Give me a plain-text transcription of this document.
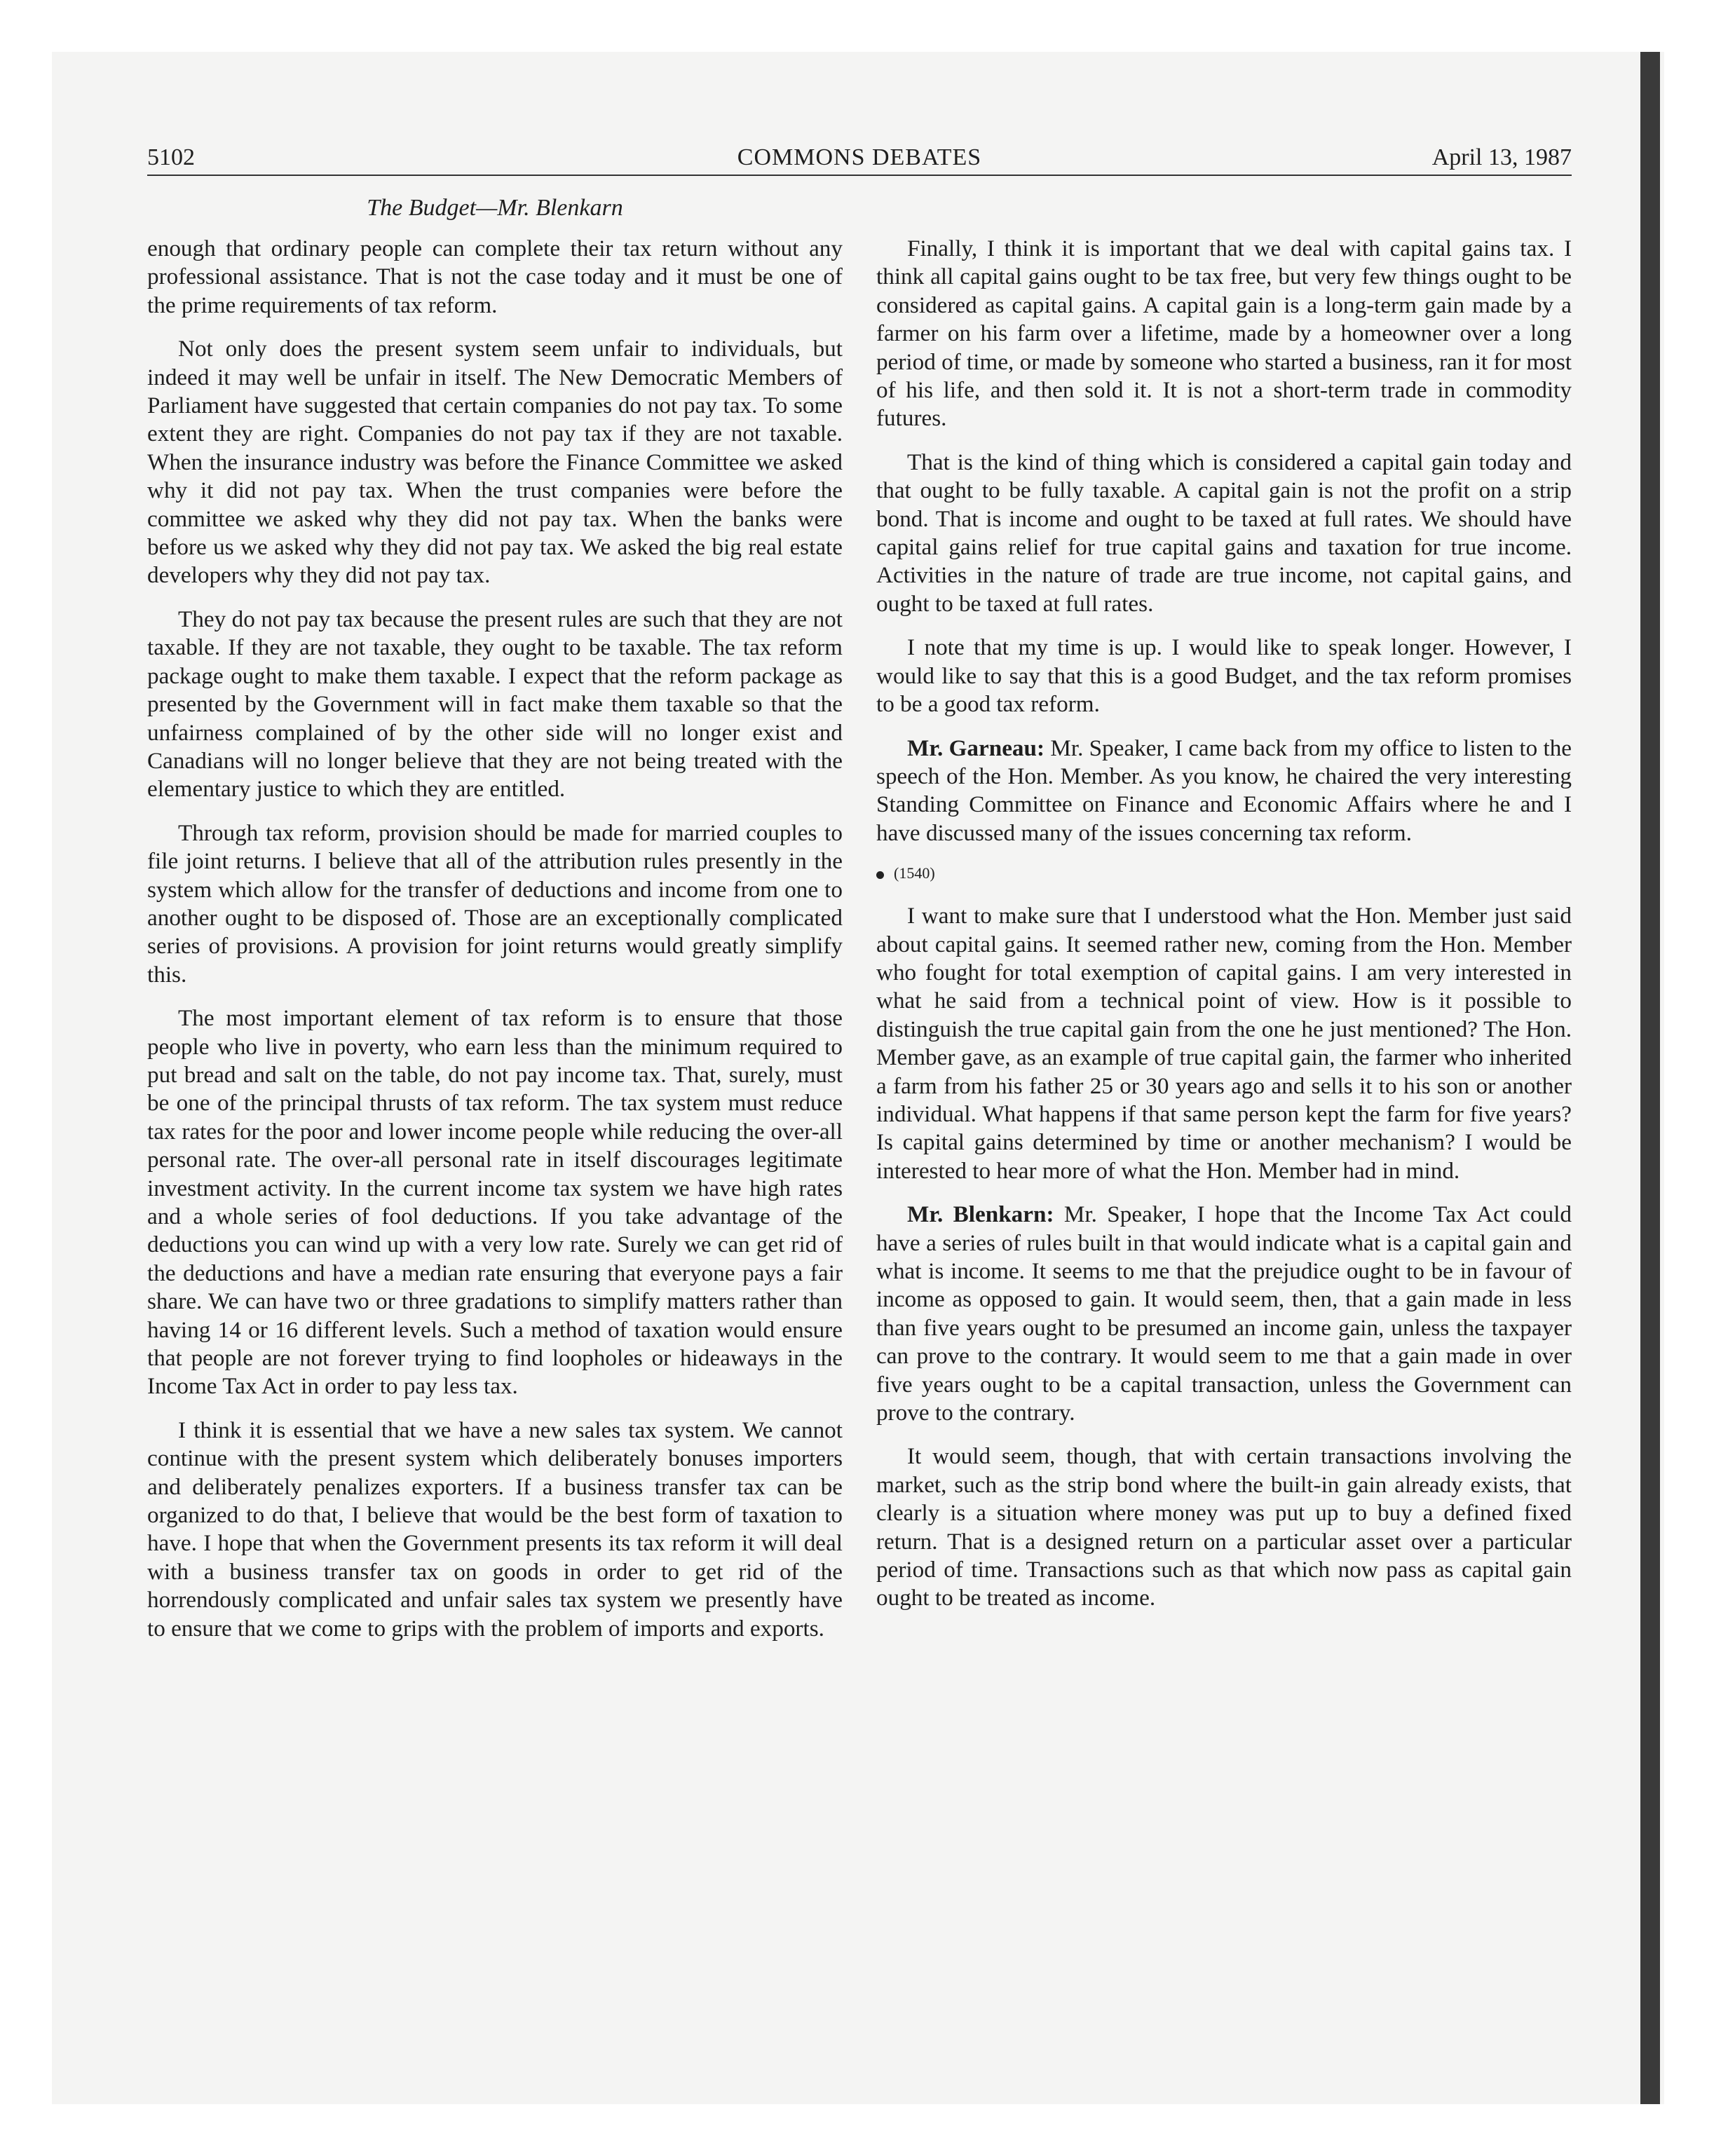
5102	COMMONS DEBATES	April 13, 1987
The Budget—Mr. Blenkarn

enough that ordinary people can complete their tax return without any professional assistance. That is not the case today and it must be one of the prime requirements of tax reform.

Not only does the present system seem unfair to individuals, but indeed it may well be unfair in itself. The New Democratic Members of Parliament have suggested that certain companies do not pay tax. To some extent they are right. Companies do not pay tax if they are not taxable. When the insurance industry was before the Finance Committee we asked why it did not pay tax. When the trust companies were before the committee we asked why they did not pay tax. When the banks were before us we asked why they did not pay tax. We asked the big real estate developers why they did not pay tax.

They do not pay tax because the present rules are such that they are not taxable. If they are not taxable, they ought to be taxable. The tax reform package ought to make them taxable. I expect that the reform package as presented by the Government will in fact make them taxable so that the unfairness complained of by the other side will no longer exist and Canadians will no longer believe that they are not being treated with the elementary justice to which they are entitled.

Through tax reform, provision should be made for married couples to file joint returns. I believe that all of the attribution rules presently in the system which allow for the transfer of deductions and income from one to another ought to be disposed of. Those are an exceptionally complicated series of provisions. A provision for joint returns would greatly simplify this.

The most important element of tax reform is to ensure that those people who live in poverty, who earn less than the minimum required to put bread and salt on the table, do not pay income tax. That, surely, must be one of the principal thrusts of tax reform. The tax system must reduce tax rates for the poor and lower income people while reducing the over-all personal rate. The over-all personal rate in itself discourages legitimate investment activity. In the current income tax system we have high rates and a whole series of fool deductions. If you take advantage of the deductions you can wind up with a very low rate. Surely we can get rid of the deductions and have a median rate ensuring that everyone pays a fair share. We can have two or three gradations to simplify matters rather than having 14 or 16 different levels. Such a method of taxation would ensure that people are not forever trying to find loopholes or hideaways in the Income Tax Act in order to pay less tax.

I think it is essential that we have a new sales tax system. We cannot continue with the present system which deliberately bonuses importers and deliberately penalizes exporters. If a business transfer tax can be organized to do that, I believe that would be the best form of taxation to have. I hope that when the Government presents its tax reform it will deal with a business transfer tax on goods in order to get rid of the horrendously complicated and unfair sales tax system we presently have to ensure that we come to grips with the problem of imports and exports.

Finally, I think it is important that we deal with capital gains tax. I think all capital gains ought to be tax free, but very few things ought to be considered as capital gains. A capital gain is a long-term gain made by a farmer on his farm over a lifetime, made by a homeowner over a long period of time, or made by someone who started a business, ran it for most of his life, and then sold it. It is not a short-term trade in commodity futures.

That is the kind of thing which is considered a capital gain today and that ought to be fully taxable. A capital gain is not the profit on a strip bond. That is income and ought to be taxed at full rates. We should have capital gains relief for true capital gains and taxation for true income. Activities in the nature of trade are true income, not capital gains, and ought to be taxed at full rates.

I note that my time is up. I would like to speak longer. However, I would like to say that this is a good Budget, and the tax reform promises to be a good tax reform.

Mr. Garneau: Mr. Speaker, I came back from my office to listen to the speech of the Hon. Member. As you know, he chaired the very interesting Standing Committee on Finance and Economic Affairs where he and I have discussed many of the issues concerning tax reform.

(1540)

I want to make sure that I understood what the Hon. Member just said about capital gains. It seemed rather new, coming from the Hon. Member who fought for total exemption of capital gains. I am very interested in what he said from a technical point of view. How is it possible to distinguish the true capital gain from the one he just mentioned? The Hon. Member gave, as an example of true capital gain, the farmer who inherited a farm from his father 25 or 30 years ago and sells it to his son or another individual. What happens if that same person kept the farm for five years? Is capital gains determined by time or another mechanism? I would be interested to hear more of what the Hon. Member had in mind.

Mr. Blenkarn: Mr. Speaker, I hope that the Income Tax Act could have a series of rules built in that would indicate what is a capital gain and what is income. It seems to me that the prejudice ought to be in favour of income as opposed to gain. It would seem, then, that a gain made in less than five years ought to be presumed an income gain, unless the taxpayer can prove to the contrary. It would seem to me that a gain made in over five years ought to be a capital transaction, unless the Government can prove to the contrary.

It would seem, though, that with certain transactions involving the market, such as the strip bond where the built-in gain already exists, that clearly is a situation where money was put up to buy a defined fixed return. That is a designed return on a particular asset over a particular period of time. Transactions such as that which now pass as capital gain ought to be treated as income.
